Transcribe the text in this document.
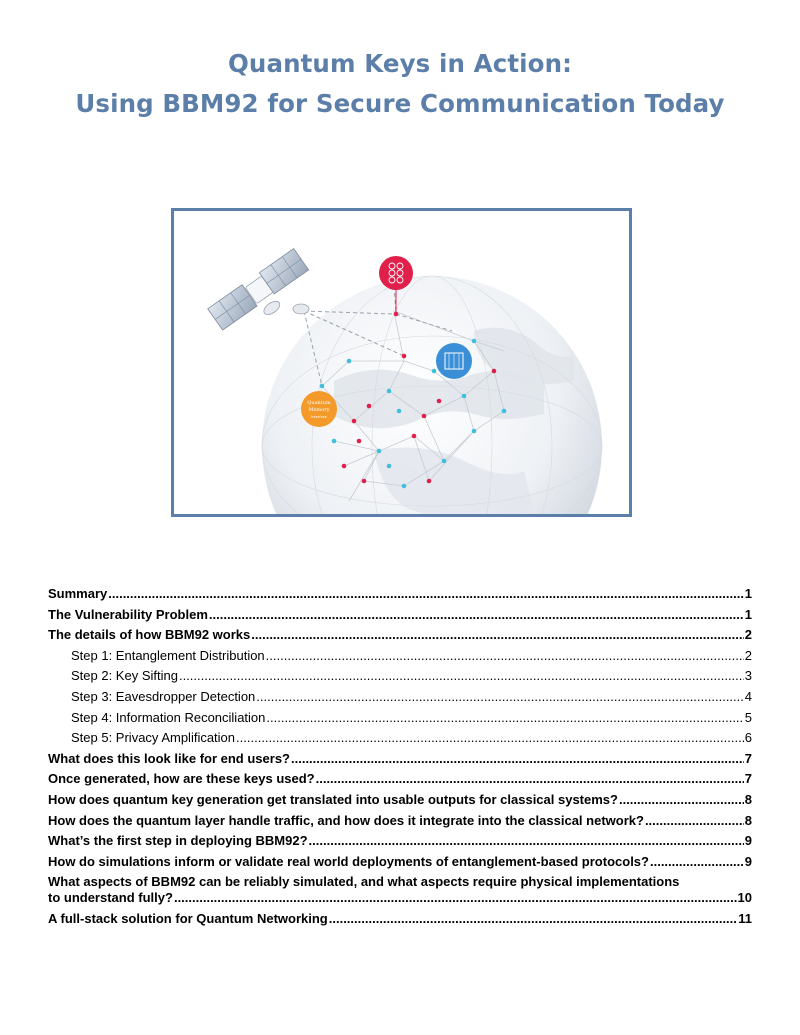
Quantum Keys in Action:
Using BBM92 for Secure Communication Today
Quantum
Memory
Interface
Summary .....	1
The Vulnerability Problem .....	1
The details of how BBM92 works .....	2
Step 1: Entanglement Distribution .....	2
Step 2: Key Sifting .....	3
Step 3: Eavesdropper Detection .....	4
Step 4: Information Reconciliation .....	5
Step 5: Privacy Amplification .....	6
What does this look like for end users? .....	7
Once generated, how are these keys used? .....	7
How does quantum key generation get translated into usable outputs for classical systems? .....	8
How does the quantum layer handle traffic, and how does it integrate into the classical network? .....	8
What’s the first step in deploying BBM92? .....	9
How do simulations inform or validate real world deployments of entanglement-based protocols? .....	9
What aspects of BBM92 can be reliably simulated, and what aspects require physical implementations
to understand fully? .....	10
A full-stack solution for Quantum Networking .....	11
